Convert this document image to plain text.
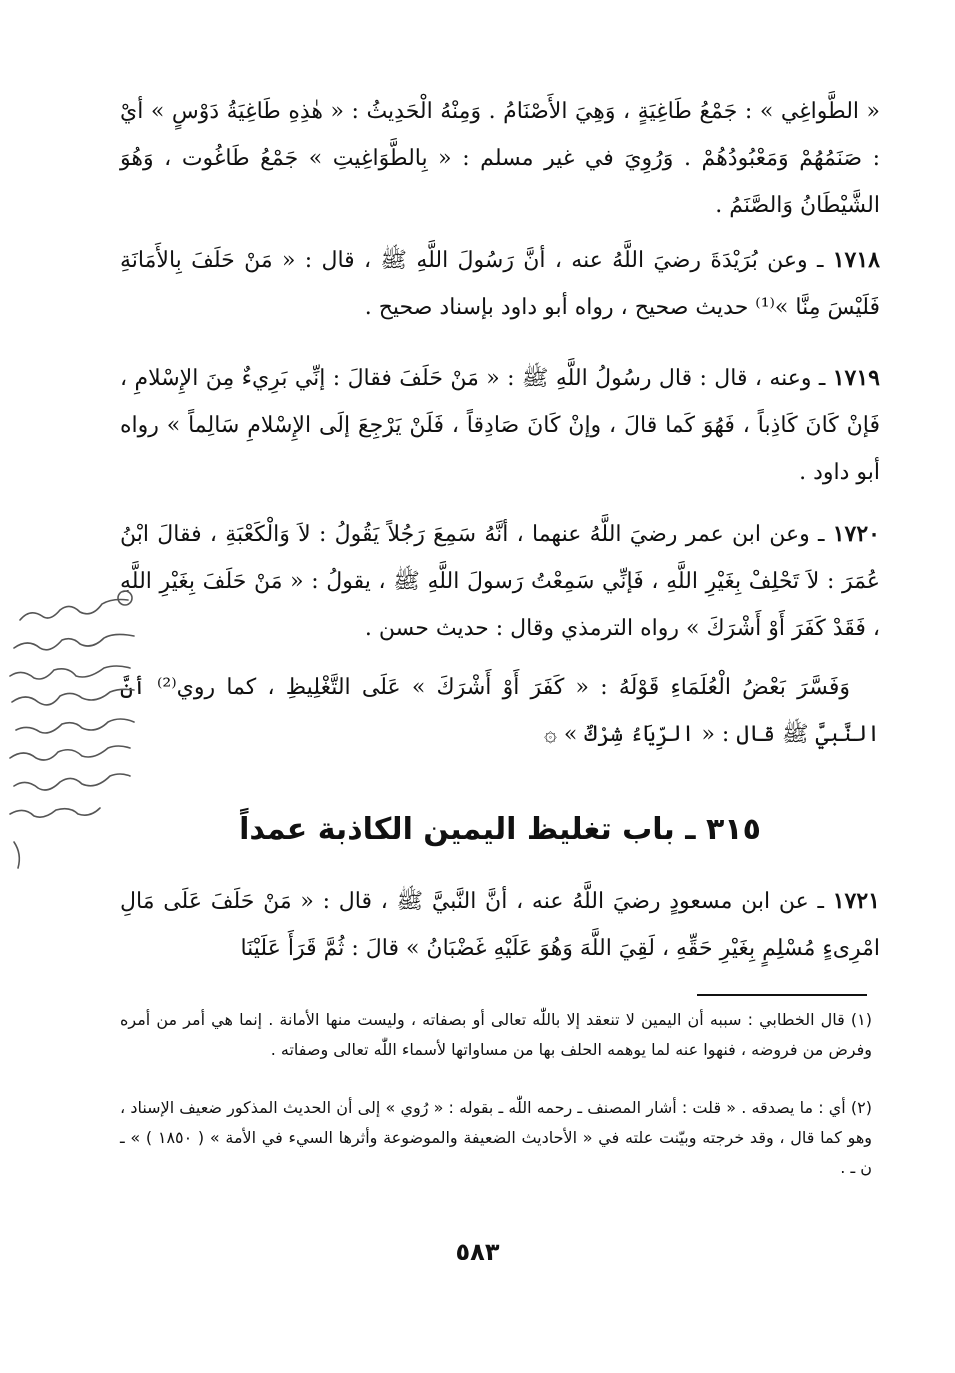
« الطَّواغِي » : جَمْعُ طَاغِيَةٍ ، وَهِيَ الأَصْنَامُ . وَمِنْهُ الْحَدِيثُ : « هٰذِهِ طَاغِيَةُ دَوْسٍ » أيْ : صَنَمُهُمْ وَمَعْبُودُهُمْ . وَرُوِيَ في غير مسلم : « بِالطَّوَاغِيتِ » جَمْعُ طَاغُوت ، وَهُوَ الشَّيْطَانُ وَالصَّنَمُ .

١٧١٨ ـ وعن بُرَيْدَةَ رضيَ اللَّهُ عنه ، أنَّ رَسُولَ اللَّهِ ﷺ ، قال : « مَنْ حَلَفَ بِالأَمَانَةِ فَلَيْسَ مِنَّا »⁽¹⁾ حديث صحيح ، رواه أبو داود بإسناد صحيح .

١٧١٩ ـ وعنه ، قال : قال رسُولُ اللَّهِ ﷺ : « مَنْ حَلَفَ فقالَ : إنِّي بَرِيءٌ مِنَ الإِسْلامِ ، فَإنْ كَانَ كَاذِباً ، فَهُوَ كَما قالَ ، وإنْ كَانَ صَادِقاً ، فَلَنْ يَرْجِعَ إلَى الإِسْلامِ سَالِماً » رواه أبو داود .

١٧٢٠ ـ وعن ابن عمر رضيَ اللَّهُ عنهما ، أنَّهُ سَمِعَ رَجُلاً يَقُولُ : لاَ وَالْكَعْبَةِ ، فقالَ ابْنُ عُمَرَ : لاَ تَحْلِفْ بِغَيْرِ اللَّهِ ، فَإنِّي سَمِعْتُ رَسولَ اللَّهِ ﷺ ، يقولُ : « مَنْ حَلَفَ بِغَيْرِ اللَّهِ ، فَقَدْ كَفَرَ أَوْ أَشْرَكَ » رواه الترمذي وقال : حديث حسن .

وَفَسَّرَ بَعْضُ الْعُلَمَاءِ قَوْلَهُ : « كَفَرَ أَوْ أَشْرَكَ » عَلَى التَّغْلِيظِ ، كما روي⁽²⁾ أنَّ النَّبيَّ ﷺ قال : « الرِّيَاءُ شِرْكٌ » ۞

٣١٥ ـ باب تغليظ اليمين الكاذبة عمداً

١٧٢١ ـ عن ابن مسعودٍ رضيَ اللَّهُ عنه ، أنَّ النَّبيَّ ﷺ ، قال : « مَنْ حَلَفَ عَلَى مَالِ امْرِىءٍ مُسْلِمٍ بِغَيْرِ حَقِّهِ ، لَقِيَ اللَّهَ وَهُوَ عَلَيْهِ غَضْبَانُ » قالَ : ثُمَّ قَرَأَ عَلَيْنَا

(١) قال الخطابي : سببه أن اليمين لا تنعقد إلا باللّٰه تعالى أو بصفاته ، وليست منها الأمانة . إنما هي أمر من أمره وفرض من فروضه ، فنهوا عنه لما يوهمه الحلف بها من مساواتها لأسماء اللّٰه تعالى وصفاته .

(٢) أي : ما يصدقه . « قلت : أشار المصنف ـ رحمه اللّٰه ـ بقوله : « رُوي » إلى أن الحديث المذكور ضعيف الإسناد ، وهو كما قال ، وقد خرجته وبيّنت علته في « الأحاديث الضعيفة والموضوعة وأثرها السيء في الأمة » ( ١٨٥٠ ) » ـ ن ـ .

٥٨٣
